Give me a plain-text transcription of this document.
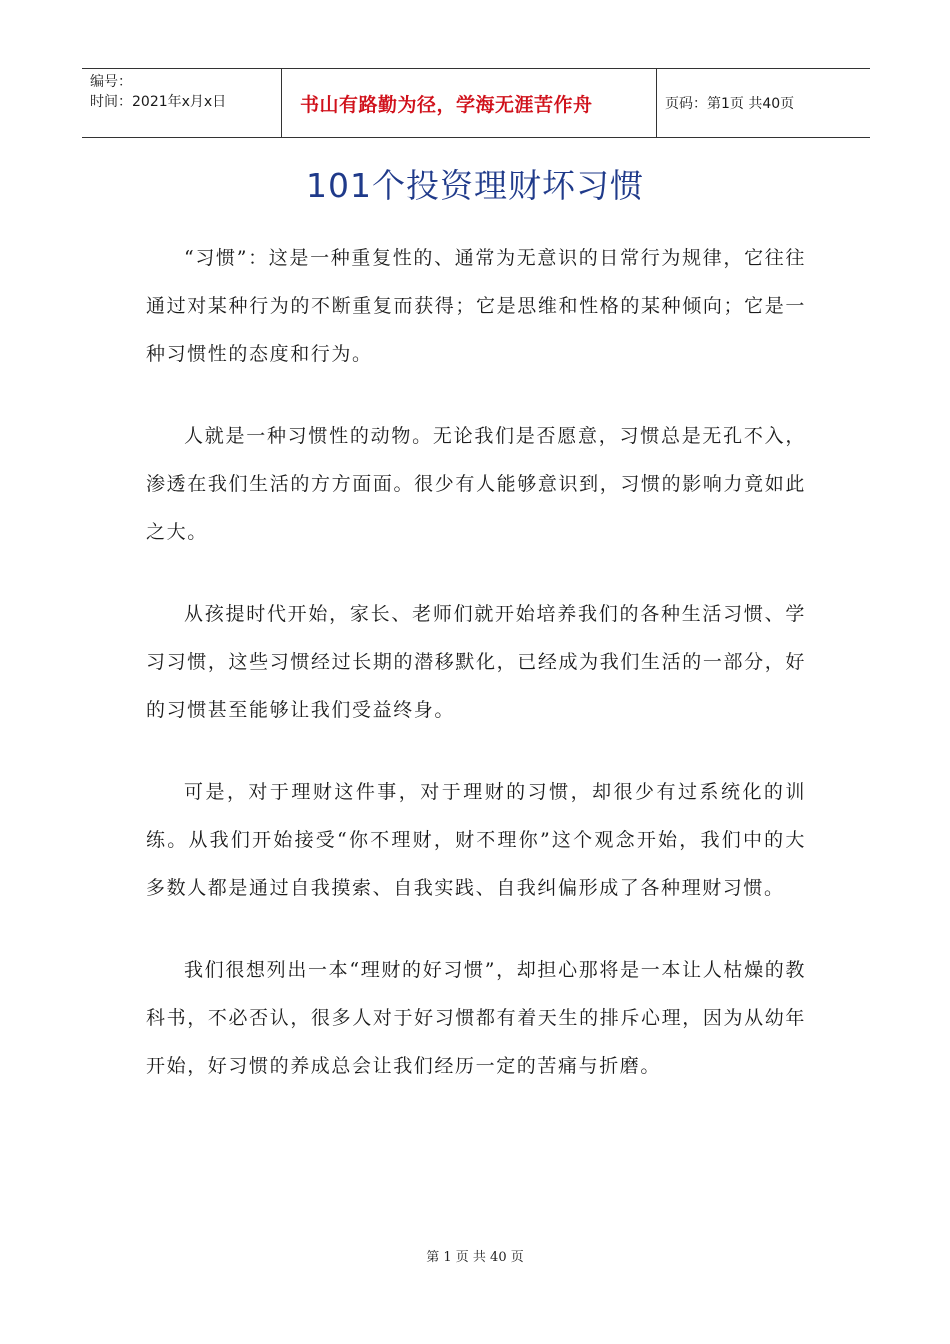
编号：
时间：2021年x月x日	书山有路勤为径，学海无涯苦作舟	页码：第1页 共40页
101个投资理财坏习惯

“习惯”：这是一种重复性的、通常为无意识的日常行为规律，它往往通过对某种行为的不断重复而获得；它是思维和性格的某种倾向；它是一种习惯性的态度和行为。

人就是一种习惯性的动物。无论我们是否愿意，习惯总是无孔不入，渗透在我们生活的方方面面。很少有人能够意识到，习惯的影响力竟如此之大。

从孩提时代开始，家长、老师们就开始培养我们的各种生活习惯、学习习惯，这些习惯经过长期的潜移默化，已经成为我们生活的一部分，好的习惯甚至能够让我们受益终身。

可是，对于理财这件事，对于理财的习惯，却很少有过系统化的训练。从我们开始接受“你不理财，财不理你”这个观念开始，我们中的大多数人都是通过自我摸索、自我实践、自我纠偏形成了各种理财习惯。

我们很想列出一本“理财的好习惯”，却担心那将是一本让人枯燥的教科书，不必否认，很多人对于好习惯都有着天生的排斥心理，因为从幼年开始，好习惯的养成总会让我们经历一定的苦痛与折磨。

第 1 页 共 40 页
